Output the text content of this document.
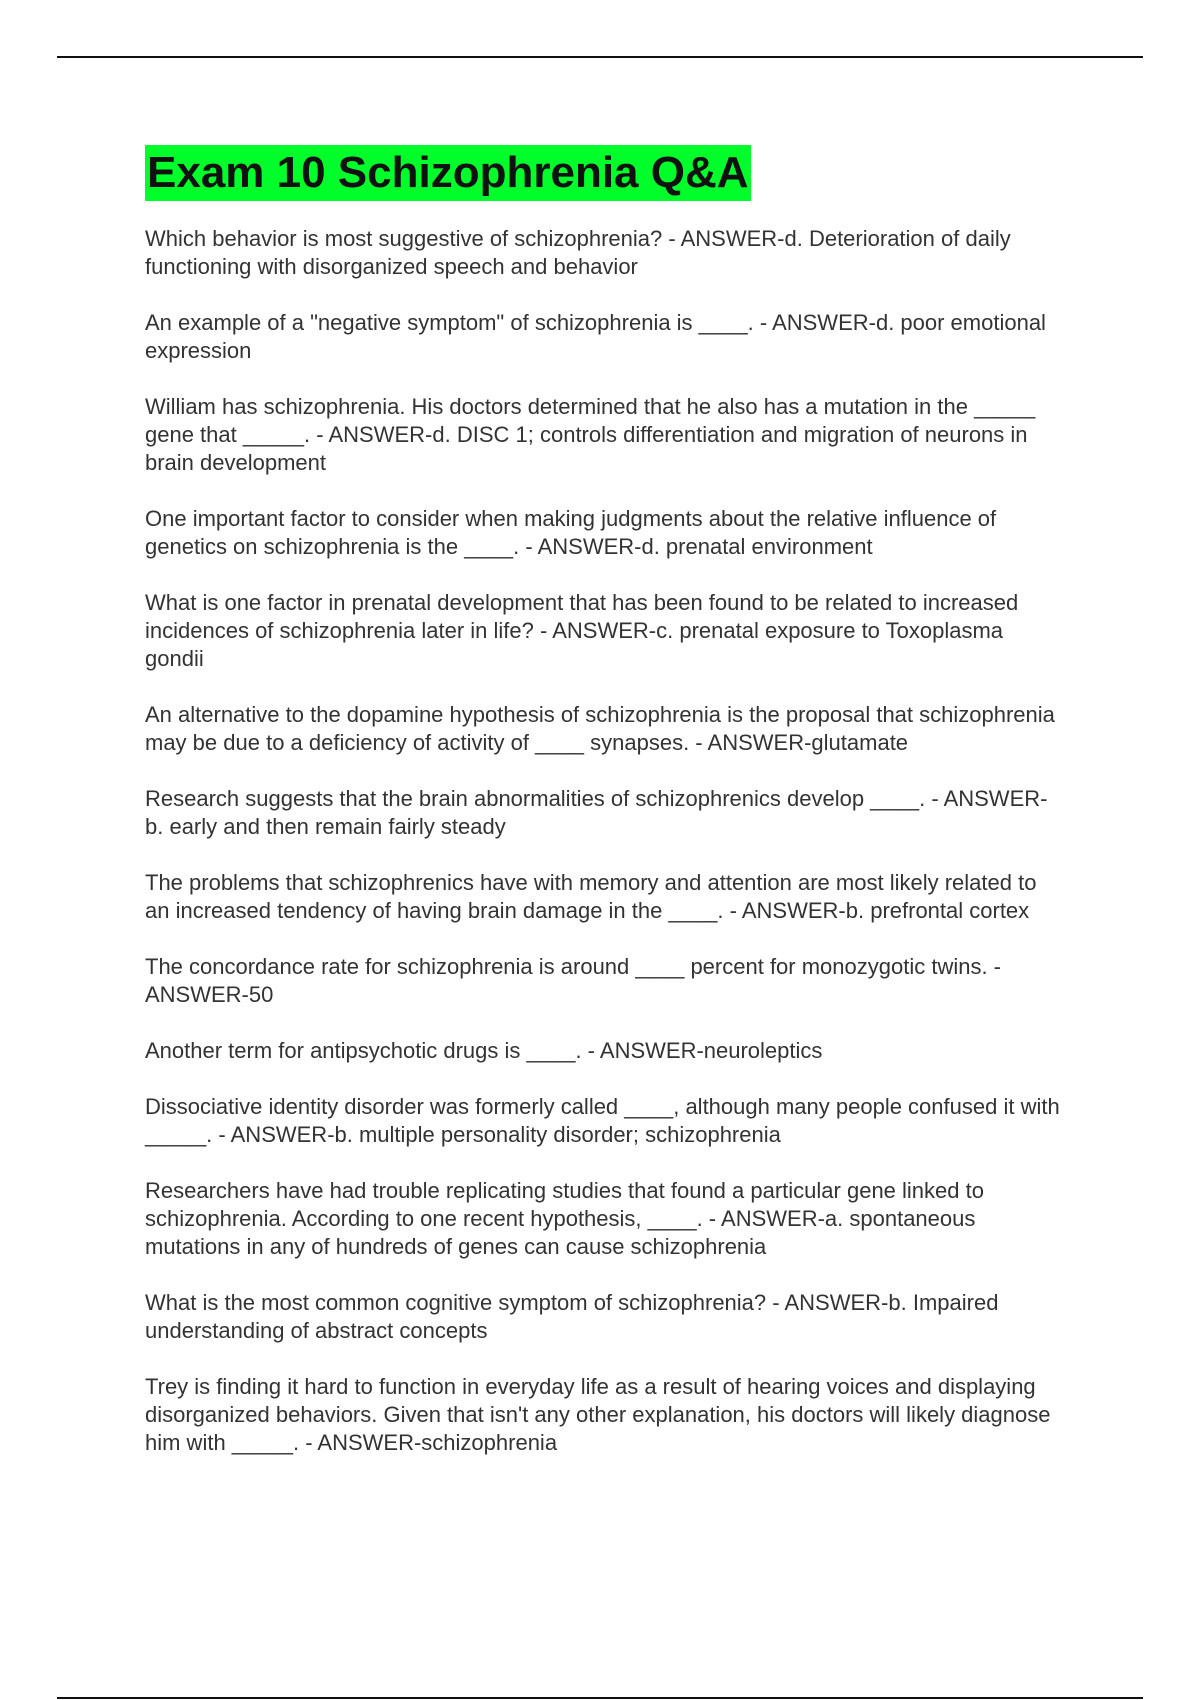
Exam 10 Schizophrenia Q&A

Which behavior is most suggestive of schizophrenia? - ANSWER-d. Deterioration of daily functioning with disorganized speech and behavior

An example of a "negative symptom" of schizophrenia is ____. - ANSWER-d. poor emotional expression

William has schizophrenia. His doctors determined that he also has a mutation in the _____ gene that _____. - ANSWER-d. DISC 1; controls differentiation and migration of neurons in brain development

One important factor to consider when making judgments about the relative influence of genetics on schizophrenia is the ____. - ANSWER-d. prenatal environment

What is one factor in prenatal development that has been found to be related to increased incidences of schizophrenia later in life? - ANSWER-c. prenatal exposure to Toxoplasma gondii

An alternative to the dopamine hypothesis of schizophrenia is the proposal that schizophrenia may be due to a deficiency of activity of ____ synapses. - ANSWER-glutamate

Research suggests that the brain abnormalities of schizophrenics develop ____. - ANSWER-b. early and then remain fairly steady

The problems that schizophrenics have with memory and attention are most likely related to an increased tendency of having brain damage in the ____. - ANSWER-b. prefrontal cortex

The concordance rate for schizophrenia is around ____ percent for monozygotic twins. - ANSWER-50

Another term for antipsychotic drugs is ____. - ANSWER-neuroleptics

Dissociative identity disorder was formerly called ____, although many people confused it with _____. - ANSWER-b. multiple personality disorder; schizophrenia

Researchers have had trouble replicating studies that found a particular gene linked to schizophrenia. According to one recent hypothesis, ____. - ANSWER-a. spontaneous mutations in any of hundreds of genes can cause schizophrenia

What is the most common cognitive symptom of schizophrenia? - ANSWER-b. Impaired understanding of abstract concepts

Trey is finding it hard to function in everyday life as a result of hearing voices and displaying disorganized behaviors. Given that isn't any other explanation, his doctors will likely diagnose him with _____. - ANSWER-schizophrenia
